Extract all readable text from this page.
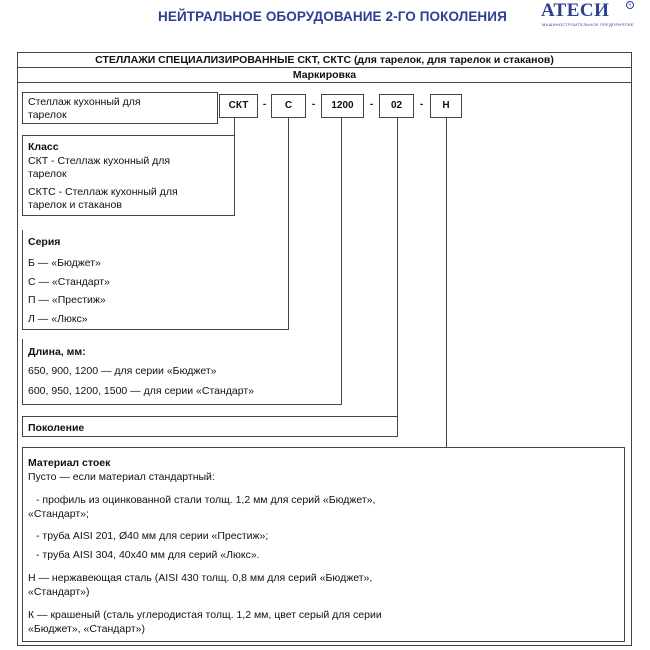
НЕЙТРАЛЬНОЕ ОБОРУДОВАНИЕ 2-ГО ПОКОЛЕНИЯ АТЕСИ	R
МАШИНОСТРОИТЕЛЬНОЕ ПРЕДПРИЯТИЕ
СТЕЛЛАЖИ СПЕЦИАЛИЗИРОВАННЫЕ СКТ, СКТС (для тарелок, для тарелок и стаканов)
Маркировка
Стеллаж кухонный для
тарелок
СКТ	-	С	-	1200	-	02	-	Н
Класс
СКТ - Стеллаж кухонный для
тарелок
СКТС - Стеллаж кухонный для
тарелок и стаканов
Серия
Б — «Бюджет»
С — «Стандарт»
П — «Престиж»
Л — «Люкс»
Длина, мм:
650, 900, 1200 — для серии «Бюджет»
600, 950, 1200, 1500 — для серии «Стандарт»
Поколение
Материал стоек
Пусто — если материал стандартный:
- профиль из оцинкованной стали толщ. 1,2 мм для серий «Бюджет»,
«Стандарт»;
- труба AISI 201, Ø40 мм для серии «Престиж»;
- труба AISI 304, 40х40 мм для серий «Люкс».
Н — нержавеющая сталь (AISI 430 толщ. 0,8 мм для серий «Бюджет»,
«Стандарт»)
К — крашеный (сталь углеродистая толщ. 1,2 мм, цвет серый для серии
«Бюджет», «Стандарт»)
